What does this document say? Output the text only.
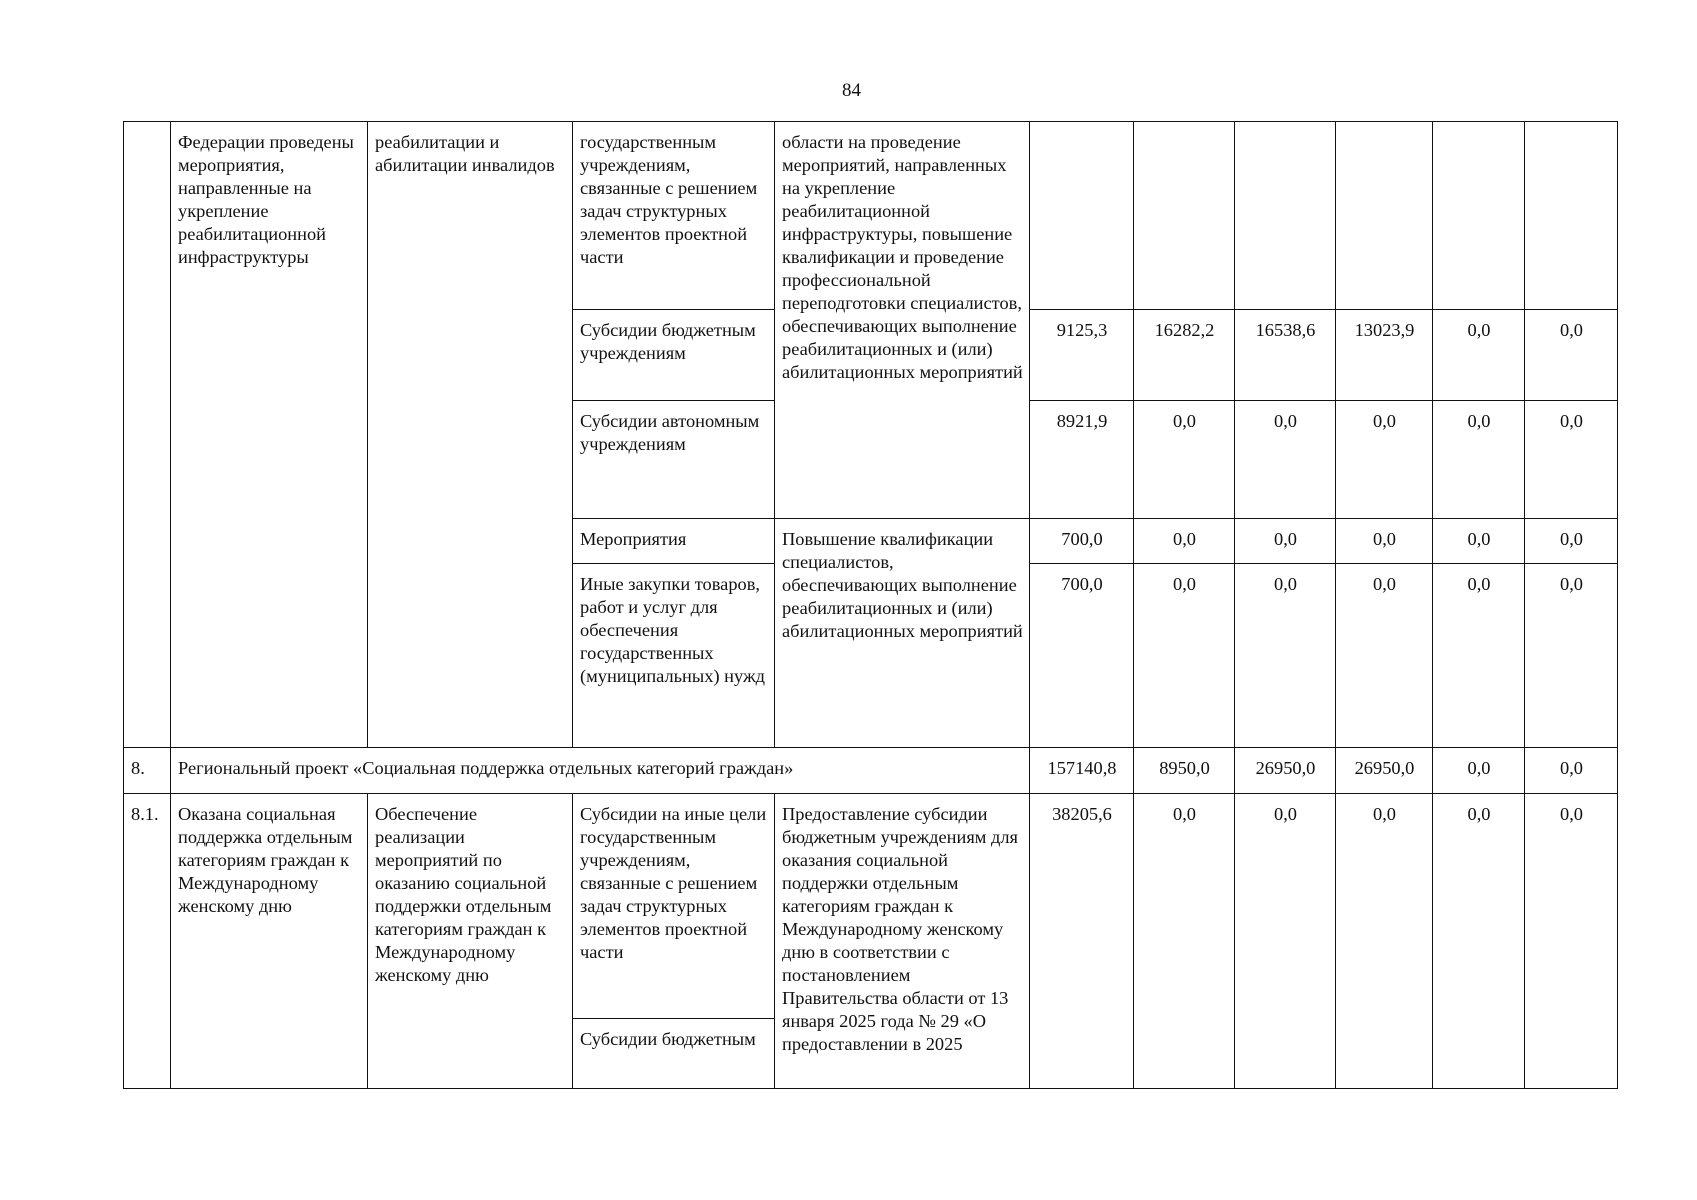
84
	Федерации проведены мероприятия, направленные на укрепление реабилитационной инфраструктуры	реабилитации и абилитации инвалидов	государственным учреждениям, связанные с решением задач структурных элементов проектной части	области на проведение мероприятий, направленных на укрепление реабилитационной инфраструктуры, повышение квалификации и проведение профессиональной переподготовки специалистов, обеспечивающих выполнение реабилитационных и (или) абилитационных мероприятий						
			Субсидии бюджетным учреждениям		9125,3	16282,2	16538,6	13023,9	0,0	0,0
			Субсидии автономным учреждениям		8921,9	0,0	0,0	0,0	0,0	0,0
			Мероприятия	Повышение квалификации специалистов, обеспечивающих выполнение реабилитационных и (или) абилитационных мероприятий	700,0	0,0	0,0	0,0	0,0	0,0
			Иные закупки товаров, работ и услуг для обеспечения государственных (муниципальных) нужд		700,0	0,0	0,0	0,0	0,0	0,0
8.	Региональный проект «Социальная поддержка отдельных категорий граждан»				157140,8	8950,0	26950,0	26950,0	0,0	0,0
8.1.	Оказана социальная поддержка отдельным категориям граждан к Международному женскому дню	Обеспечение реализации мероприятий по оказанию социальной поддержки отдельным категориям граждан к Международному женскому дню	Субсидии на иные цели государственным учреждениям, связанные с решением задач структурных элементов проектной части	Предоставление субсидии бюджетным учреждениям для оказания социальной поддержки отдельным категориям граждан к Международному женскому дню в соответствии с постановлением Правительства области от 13 января 2025 года № 29 «О предоставлении в 2025	38205,6	0,0	0,0	0,0	0,0	0,0
			Субсидии бюджетным							
